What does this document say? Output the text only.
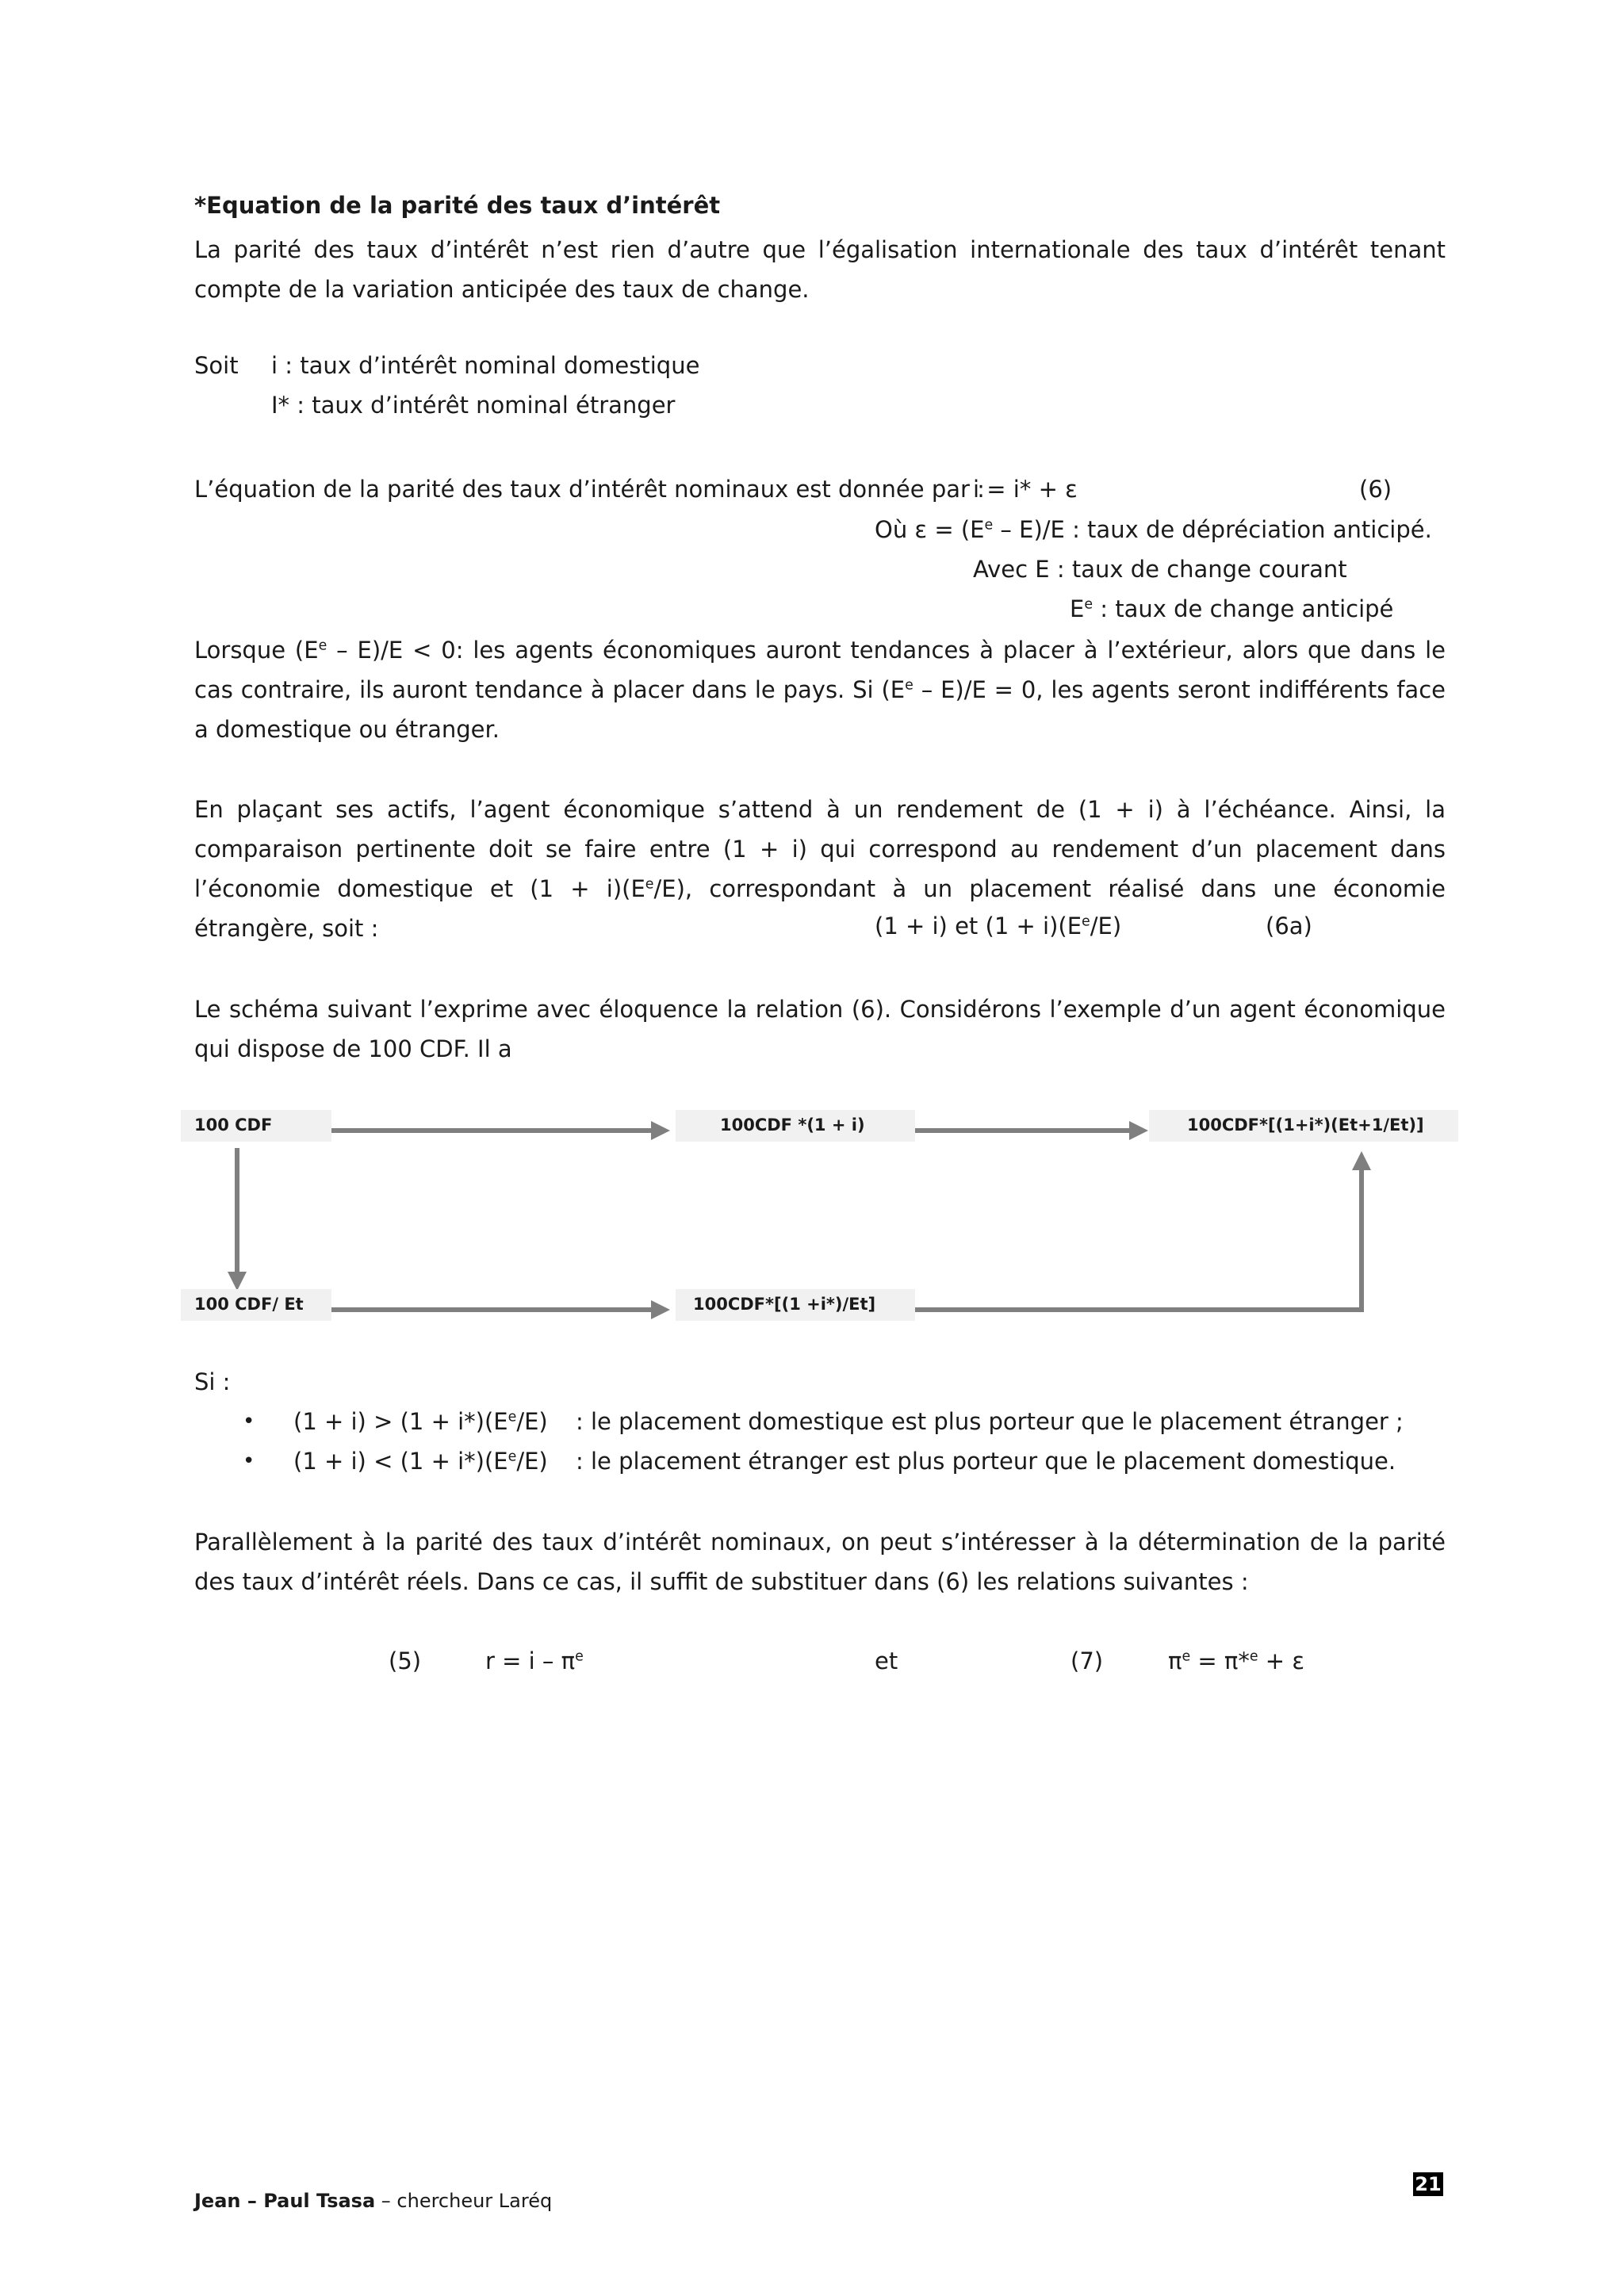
*Equation de la parité des taux d’intérêt

La parité des taux d’intérêt n’est rien d’autre que l’égalisation internationale des taux d’intérêt tenant compte de la variation anticipée des taux de change.

Soit i : taux d’intérêt nominal domestique
I* : taux d’intérêt nominal étranger
L’équation de la parité des taux d’intérêt nominaux est donnée par :
i = i* + ε	(6)
Où $\varepsilon = (E^e - E)/E$ : taux de dépréciation anticipé.
Avec E : taux de change courant
$E^e$ : taux de change anticipé

Lorsque $(E^e - E)/E < 0$: les agents économiques auront tendances à placer à l’extérieur, alors que dans le cas contraire, ils auront tendance à placer dans le pays. Si $(E^e - E)/E = 0$, les agents seront indifférents face a domestique ou étranger.

En plaçant ses actifs, l’agent économique s’attend à un rendement de (1 + i) à l’échéance. Ainsi, la comparaison pertinente doit se faire entre (1 + i) qui correspond au rendement d’un placement dans l’économie domestique et $(1 + i)(E^e/E)$, correspondant à un placement réalisé dans une économie étrangère, soit :	(1 + i) et $(1 + i)(E^e/E)$	(6a)

Le schéma suivant l’exprime avec éloquence la relation (6). Considérons l’exemple d’un agent économique qui dispose de 100 CDF. Il a

100 CDF	100CDF *(1 + i)	100CDF*[(1+i*)(Et+1/Et)]
100 CDF/ Et	100CDF*[(1 +i*)/Et]
Si :
• $(1 + i) > (1 + i*)(E^e/E)$ : le placement domestique est plus porteur que le placement étranger ;
• $(1 + i) < (1 + i*)(E^e/E)$ : le placement étranger est plus porteur que le placement domestique.

Parallèlement à la parité des taux d’intérêt nominaux, on peut s’intéresser à la détermination de la parité des taux d’intérêt réels. Dans ce cas, il suffit de substituer dans (6) les relations suivantes :

(5)	$r = i - \pi^e$	et	(7)	$\pi^e = \pi*^e + \varepsilon$
21
Jean – Paul Tsasa – chercheur Laréq
